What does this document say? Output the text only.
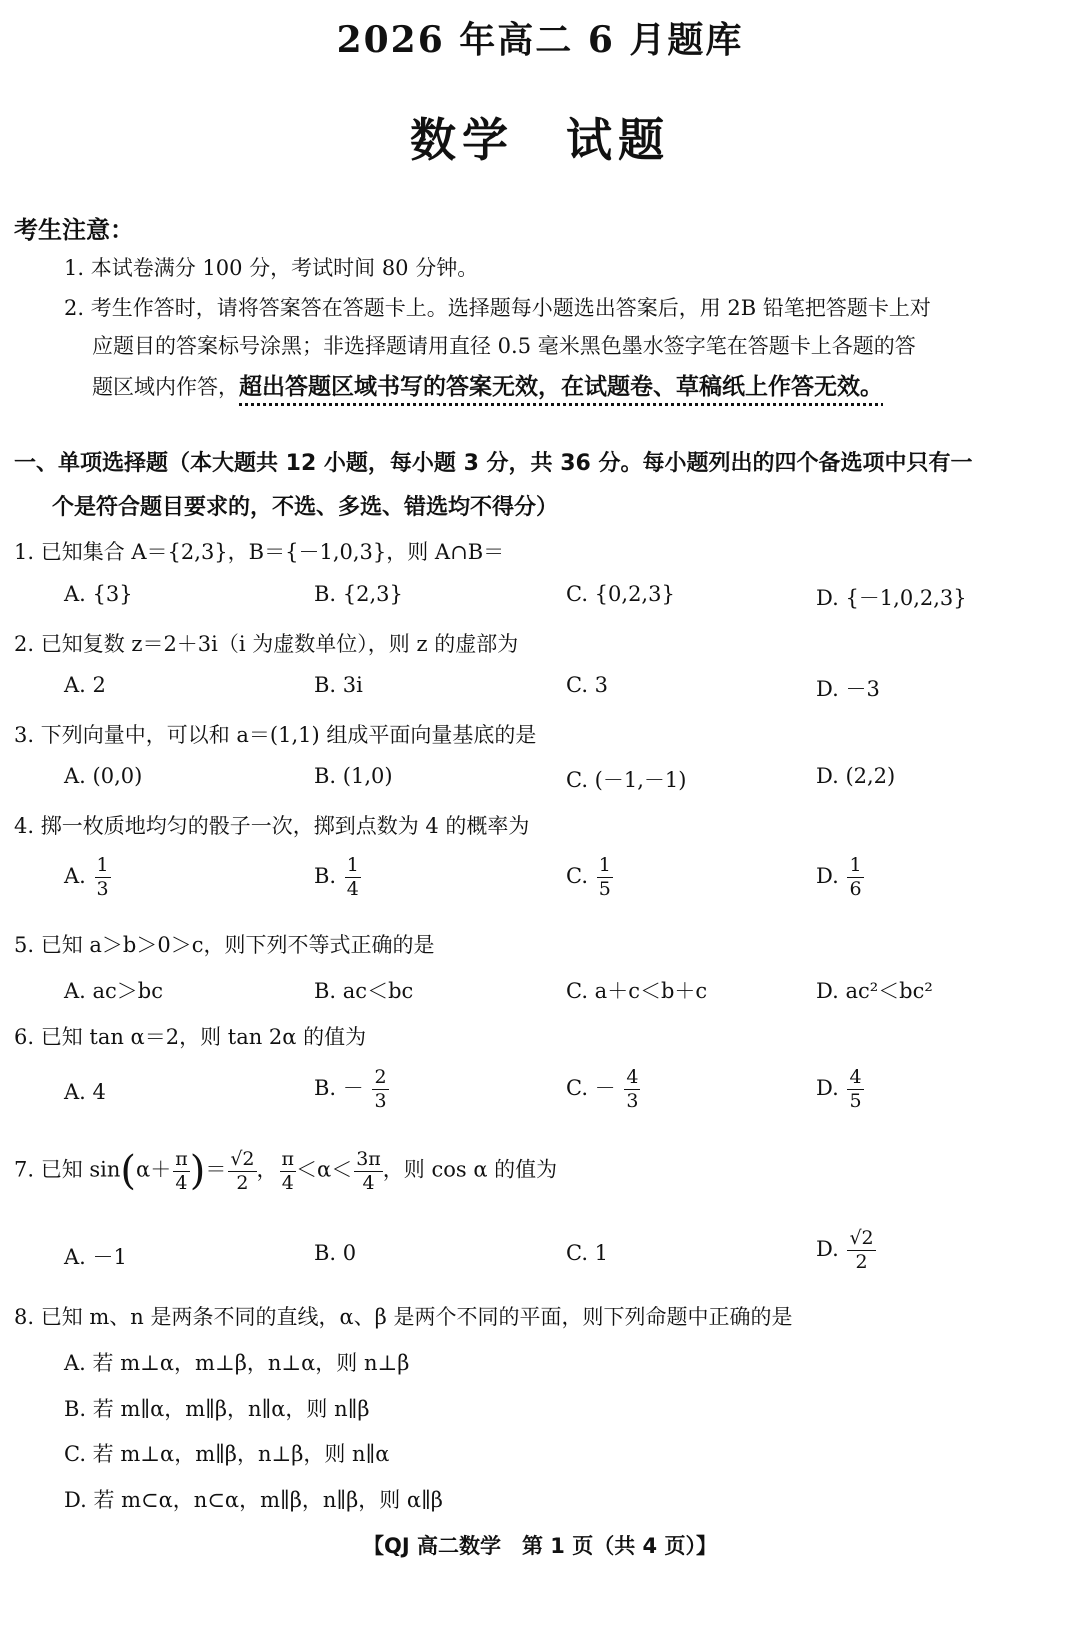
2026 年高二 6 月题库
数学　试题
考生注意：
1. 本试卷满分 100 分，考试时间 80 分钟。
2. 考生作答时，请将答案答在答题卡上。选择题每小题选出答案后，用 2B 铅笔把答题卡上对
应题目的答案标号涂黑；非选择题请用直径 0.5 毫米黑色墨水签字笔在答题卡上各题的答
题区域内作答，超出答题区域书写的答案无效，在试题卷、草稿纸上作答无效。
一、单项选择题（本大题共 12 小题，每小题 3 分，共 36 分。每小题列出的四个备选项中只有一
个是符合题目要求的，不选、多选、错选均不得分）
1. 已知集合 A＝{2,3}，B＝{－1,0,3}，则 A∩B＝
A. {3}	B. {2,3}	C. {0,2,3}	D. {－1,0,2,3}
2. 已知复数 z＝2＋3i（i 为虚数单位），则 z 的虚部为
A. 2	B. 3i	C. 3	D. －3
3. 下列向量中，可以和 a＝(1,1) 组成平面向量基底的是
A. (0,0)	B. (1,0)	C. (－1,－1)	D. (2,2)
4. 掷一枚质地均匀的骰子一次，掷到点数为 4 的概率为
A. $\frac{1}{3}$	B. $\frac{1}{4}$	C. $\frac{1}{5}$	D. $\frac{1}{6}$
5. 已知 a＞b＞0＞c，则下列不等式正确的是
A. ac＞bc	B. ac＜bc	C. a＋c＜b＋c	D. ac²＜bc²
6. 已知 tan α＝2，则 tan 2α 的值为
A. 4	B. － $\frac{2}{3}$	C. － $\frac{4}{3}$	D. $\frac{4}{5}$
7. 已知 $\sin(\alpha+ \frac{\pi}{4}$ )＝ $\frac{√2}{2}$ ， $\frac{\pi}{4} <\alpha< \frac{3\pi}{4}$ ，则 cos α 的值为
A. －1	B. 0	C. 1	D. $\frac{√2}{2}$
8. 已知 m、n 是两条不同的直线，α、β 是两个不同的平面，则下列命题中正确的是
A. 若 m⊥α，m⊥β，n⊥α，则 n⊥β
B. 若 m∥α，m∥β，n∥α，则 n∥β
C. 若 m⊥α，m∥β，n⊥β，则 n∥α
D. 若 m⊂α，n⊂α，m∥β，n∥β，则 α∥β
【QJ 高二数学　第 1 页（共 4 页）】
